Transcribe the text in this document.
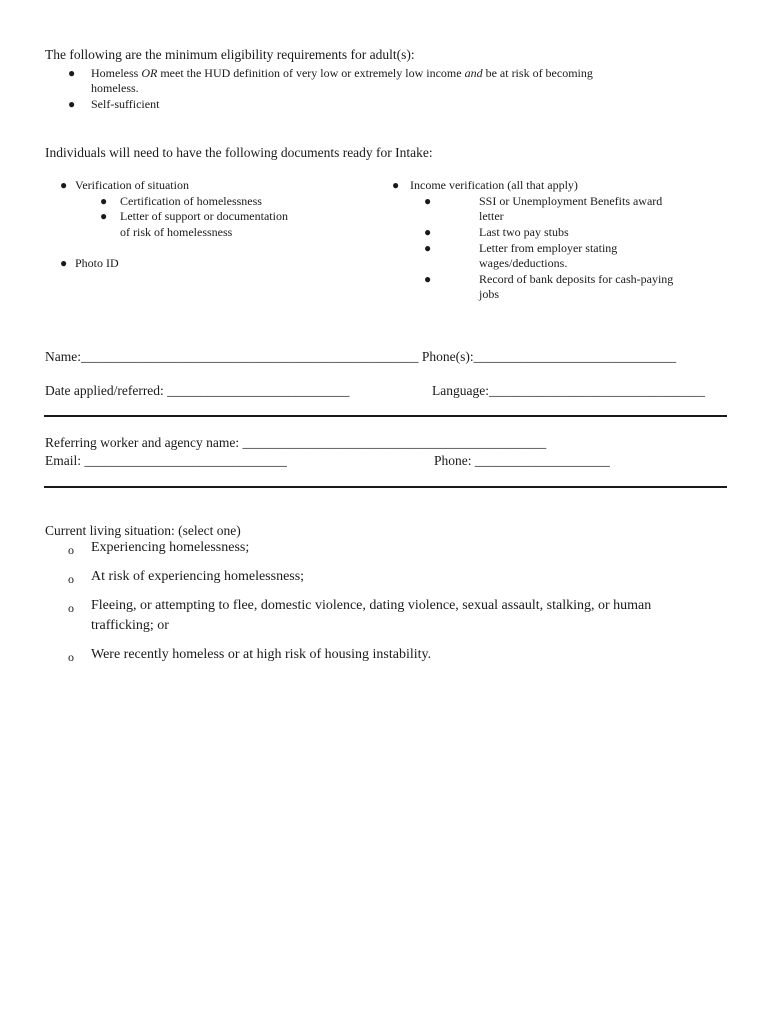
The following are the minimum eligibility requirements for adult(s):
● Homeless OR meet the HUD definition of very low or extremely low income and be at risk of becoming
homeless.
● Self-sufficient
Individuals will need to have the following documents ready for Intake:
● Verification of situation
● Certification of homelessness
● Letter of support or documentation
of risk of homelessness
● Photo ID
● Income verification (all that apply)
●	SSI or Unemployment Benefits award
letter
●	Last two pay stubs
●	Letter from employer stating
wages/deductions.
●	Record of bank deposits for cash-paying
jobs
Name:__________________________________________________ Phone(s):______________________________
Date applied/referred: ___________________________	Language:________________________________
Referring worker and agency name: _____________________________________________
Email: ______________________________	Phone: ____________________
Current living situation: (select one)
o Experiencing homelessness;
o At risk of experiencing homelessness;
o Fleeing, or attempting to flee, domestic violence, dating violence, sexual assault, stalking, or human
trafficking; or
o Were recently homeless or at high risk of housing instability.
